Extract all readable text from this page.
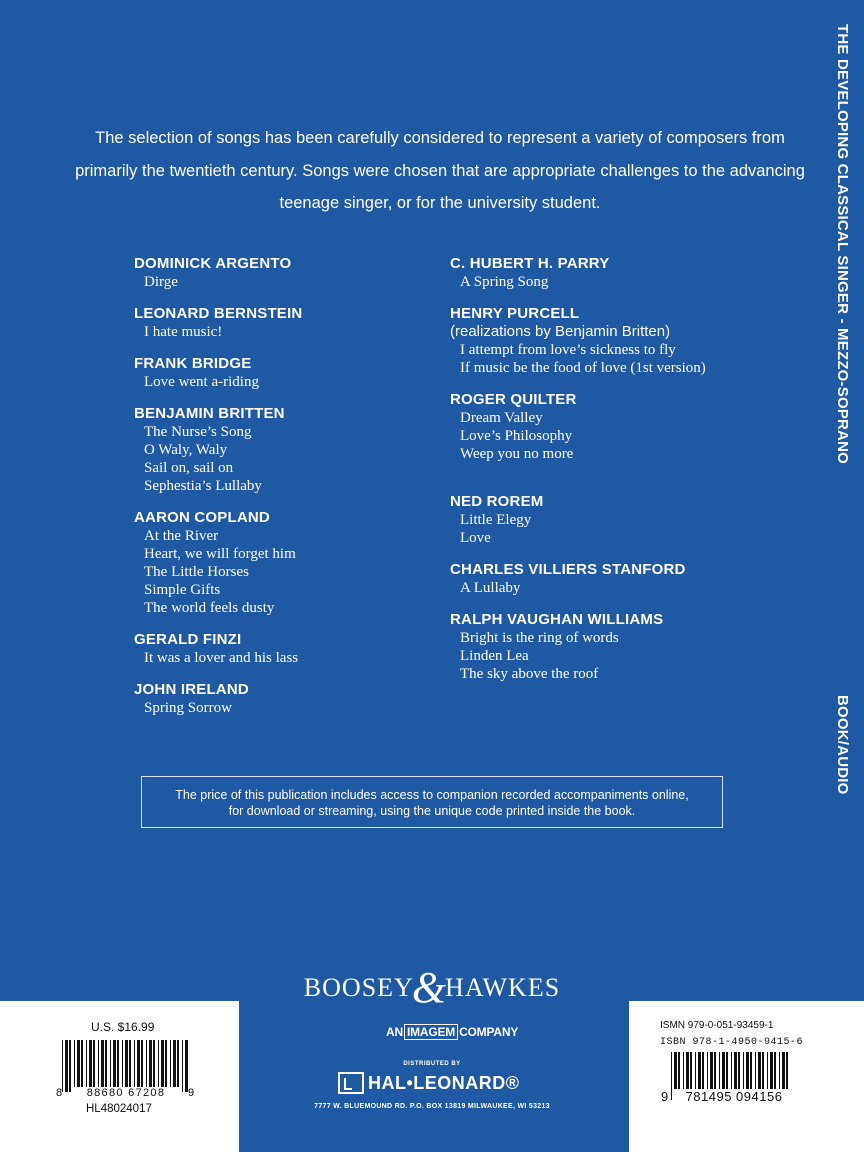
THE DEVELOPING CLASSICAL SINGER - MEZZO-SOPRANO
BOOK/AUDIO
The selection of songs has been carefully considered to represent a variety of composers from primarily the twentieth century. Songs were chosen that are appropriate challenges to the advancing teenage singer, or for the university student.
DOMINICK ARGENTO
Dirge
LEONARD BERNSTEIN
I hate music!
FRANK BRIDGE
Love went a-riding
BENJAMIN BRITTEN
The Nurse’s Song
O Waly, Waly
Sail on, sail on
Sephestia’s Lullaby
AARON COPLAND
At the River
Heart, we will forget him
The Little Horses
Simple Gifts
The world feels dusty
GERALD FINZI
It was a lover and his lass
JOHN IRELAND
Spring Sorrow
C. HUBERT H. PARRY
A Spring Song
HENRY PURCELL
(realizations by Benjamin Britten)
I attempt from love’s sickness to fly
If music be the food of love (1st version)
ROGER QUILTER
Dream Valley
Love’s Philosophy
Weep you no more
NED ROREM
Little Elegy
Love
CHARLES VILLIERS STANFORD
A Lullaby
RALPH VAUGHAN WILLIAMS
Bright is the ring of words
Linden Lea
The sky above the roof
The price of this publication includes access to companion recorded accompaniments online,
for download or streaming, using the unique code printed inside the book.
BOOSEY&HAWKES
AN IMAGEM COMPANY
DISTRIBUTED BY
HAL•LEONARD®
7777 W. BLUEMOUND RD. P.O. BOX 13819 MILWAUKEE, WI 53213
U.S. $16.99
8	88680 67208	9
HL48024017
ISMN 979-0-051-93459-1
ISBN 978-1-4950-9415-6
9	781495 094156
